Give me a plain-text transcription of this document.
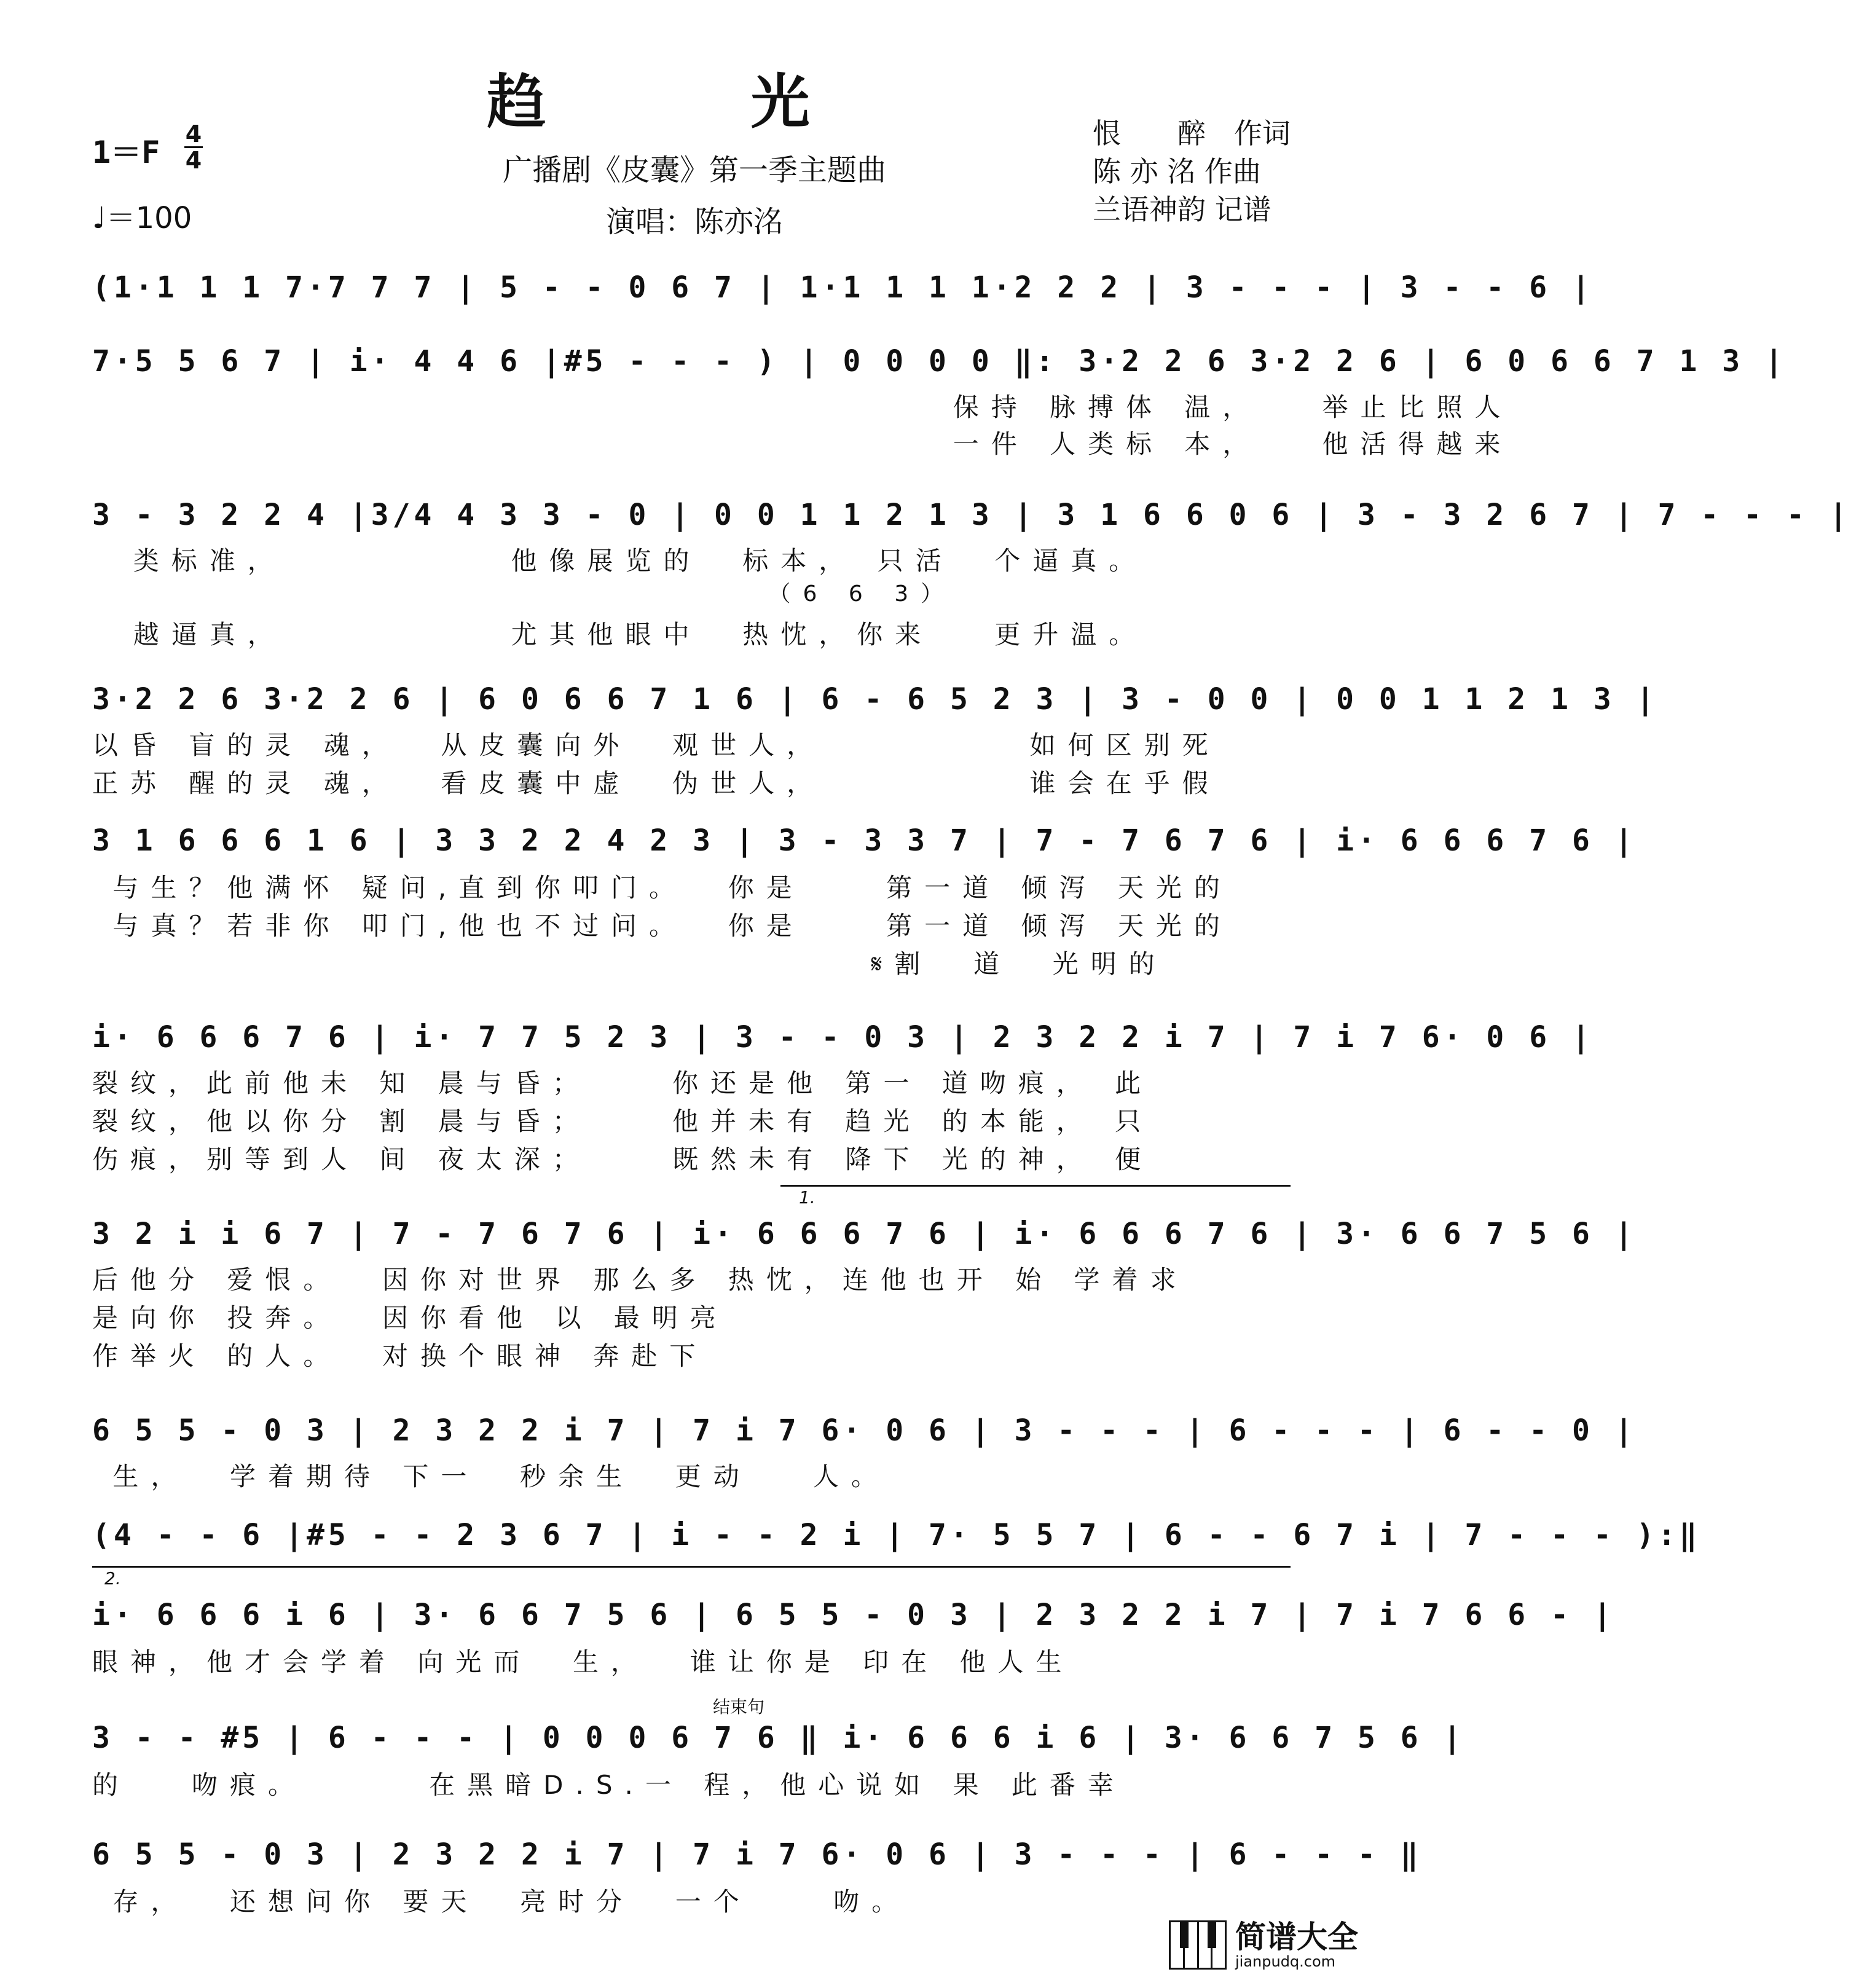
趋 光
广播剧《皮囊》第一季主题曲
演唱：陈亦洺
1＝F
4
4
♩＝100
恨　　醉　作词
陈 亦 洺 作曲
兰语神韵 记谱
(1·1 1 1 7·7 7 7 | 5 - - 0 6 7 | 1·1 1 1 1·2 2 2 | 3 - - - | 3 - - 6 |
7·5 5 6 7 | i· 4 4 6 |#5 - - - ) | 0 0 0 0 ‖: 3·2 2 6 3·2 2 6 | 6 0 6 6 7 1 3 |
保持 脉搏体 温，   举止比照人
一件 人类标 本，   他活得越来
3 - 3 2 2 4 |3/4 4 3 3 - 0 | 0 0 1 1 2 1 3 | 3 1 6 6 0 6 | 3 - 3 2 6 7 | 7 - - - |
类标准，           他像展览的  标本， 只活  个逼真。
（6 6 3）
越逼真，           尤其他眼中  热忱，你来   更升温。
3·2 2 6 3·2 2 6 | 6 0 6 6 7 1 6 | 6 - 6 5 2 3 | 3 - 0 0 | 0 0 1 1 2 1 3 |
以昏 盲的灵 魂，  从皮囊向外  观世人，          如何区别死
正苏 醒的灵 魂，  看皮囊中虚  伪世人，          谁会在乎假
3 1 6 6 6 1 6 | 3 3 2 2 4 2 3 | 3 - 3 3 7 | 7 - 7 6 7 6 | i· 6 6 6 7 6 |
与生？他满怀 疑问,直到你叩门。  你是    第一道 倾泻 天光的
与真？若非你 叩门,他也不过问。  你是    第一道 倾泻 天光的
𝄋割  道  光明的
i· 6 6 6 7 6 | i· 7 7 5 2 3 | 3 - - 0 3 | 2 3 2 2 i 7 | 7 i 7 6· 0 6 |
裂纹，此前他未 知 晨与昏；    你还是他 第一 道吻痕， 此
裂纹，他以你分 割 晨与昏；    他并未有 趋光 的本能， 只
伤痕，别等到人 间 夜太深；    既然未有 降下 光的神， 便
1.
3 2 i i 6 7 | 7 - 7 6 7 6 | i· 6 6 6 7 6 | i· 6 6 6 7 6 | 3· 6 6 7 5 6 |
后他分 爱恨。  因你对世界 那么多 热忱，连他也开 始 学着求
是向你 投奔。  因你看他 以 最明亮
作举火 的人。  对换个眼神 奔赴下
6 5 5 - 0 3 | 2 3 2 2 i 7 | 7 i 7 6· 0 6 | 3 - - - | 6 - - - | 6 - - 0 |
生，  学着期待 下一  秒余生  更动   人。
(4 - - 6 |#5 - - 2 3 6 7 | i - - 2 i | 7· 5 5 7 | 6 - - 6 7 i | 7 - - - ):‖
2.
i· 6 6 6 i 6 | 3· 6 6 7 5 6 | 6 5 5 - 0 3 | 2 3 2 2 i 7 | 7 i 7 6 6 - |
眼神，他才会学着 向光而  生，  谁让你是 印在 他人生
结束句
3 - - #5 | 6 - - - | 0 0 0 6 7 6 ‖ i· 6 6 6 i 6 | 3· 6 6 7 5 6 |
的   吻痕。      在黑暗D.S.一 程，他心说如 果 此番幸
6 5 5 - 0 3 | 2 3 2 2 i 7 | 7 i 7 6· 0 6 | 3 - - - | 6 - - - ‖
存，  还想问你 要天  亮时分  一个    吻。
简谱大全
jianpudq.com
